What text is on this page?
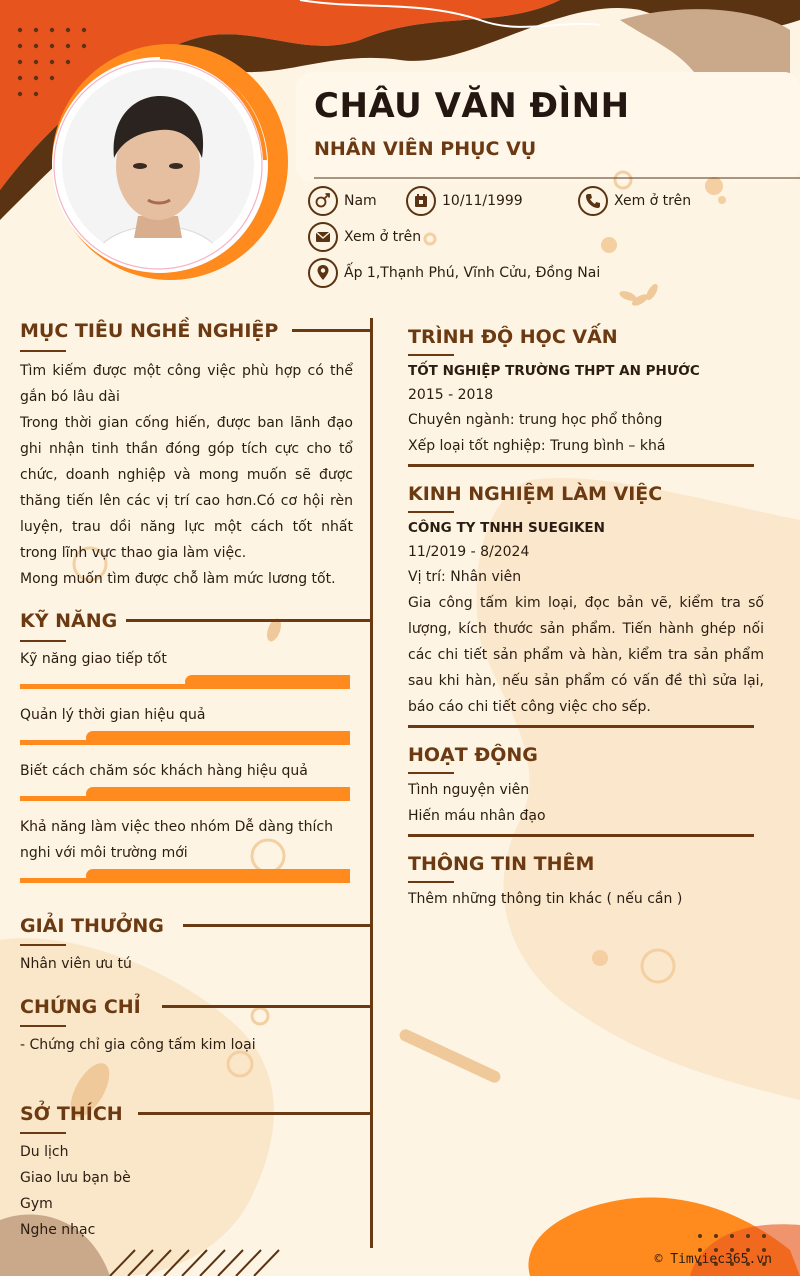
CHÂU VĂN ĐÌNH
NHÂN VIÊN PHỤC VỤ
Nam	10/11/1999	Xem ở trên
Xem ở trên
Ấp 1,Thạnh Phú, Vĩnh Cửu, Đồng Nai
MỤC TIÊU NGHỀ NGHIỆP

Tìm kiếm được một công việc phù hợp có thể gắn bó lâu dài

Trong thời gian cống hiến, được ban lãnh đạo ghi nhận tinh thần đóng góp tích cực cho tổ chức, doanh nghiệp và mong muốn sẽ được thăng tiến lên các vị trí cao hơn.Có cơ hội rèn luyện, trau dồi năng lực một cách tốt nhất trong lĩnh vực thao gia làm việc.

Mong muốn tìm được chỗ làm mức lương tốt.

KỸ NĂNG
Kỹ năng giao tiếp tốt
Quản lý thời gian hiệu quả
Biết cách chăm sóc khách hàng hiệu quả
Khả năng làm việc theo nhóm Dễ dàng thích nghi với môi trường mới
GIẢI THƯỞNG
Nhân viên ưu tú
CHỨNG CHỈ
- Chứng chỉ gia công tấm kim loại
SỞ THÍCH
Du lịch
Giao lưu bạn bè
Gym
Nghe nhạc
TRÌNH ĐỘ HỌC VẤN
TỐT NGHIỆP TRƯỜNG THPT AN PHƯỚC
2015 - 2018
Chuyên ngành: trung học phổ thông
Xếp loại tốt nghiệp: Trung bình – khá
KINH NGHIỆM LÀM VIỆC
CÔNG TY TNHH SUEGIKEN
11/2019 - 8/2024
Vị trí: Nhân viên
Gia công tấm kim loại, đọc bản vẽ, kiểm tra số lượng, kích thước sản phẩm. Tiến hành ghép nối các chi tiết sản phẩm và hàn, kiểm tra sản phẩm sau khi hàn, nếu sản phẩm có vấn đề thì sửa lại, báo cáo chi tiết công việc cho sếp.
HOẠT ĐỘNG
Tình nguyện viên
Hiến máu nhân đạo
THÔNG TIN THÊM
Thêm những thông tin khác ( nếu cần )
© Timviec365.vn
